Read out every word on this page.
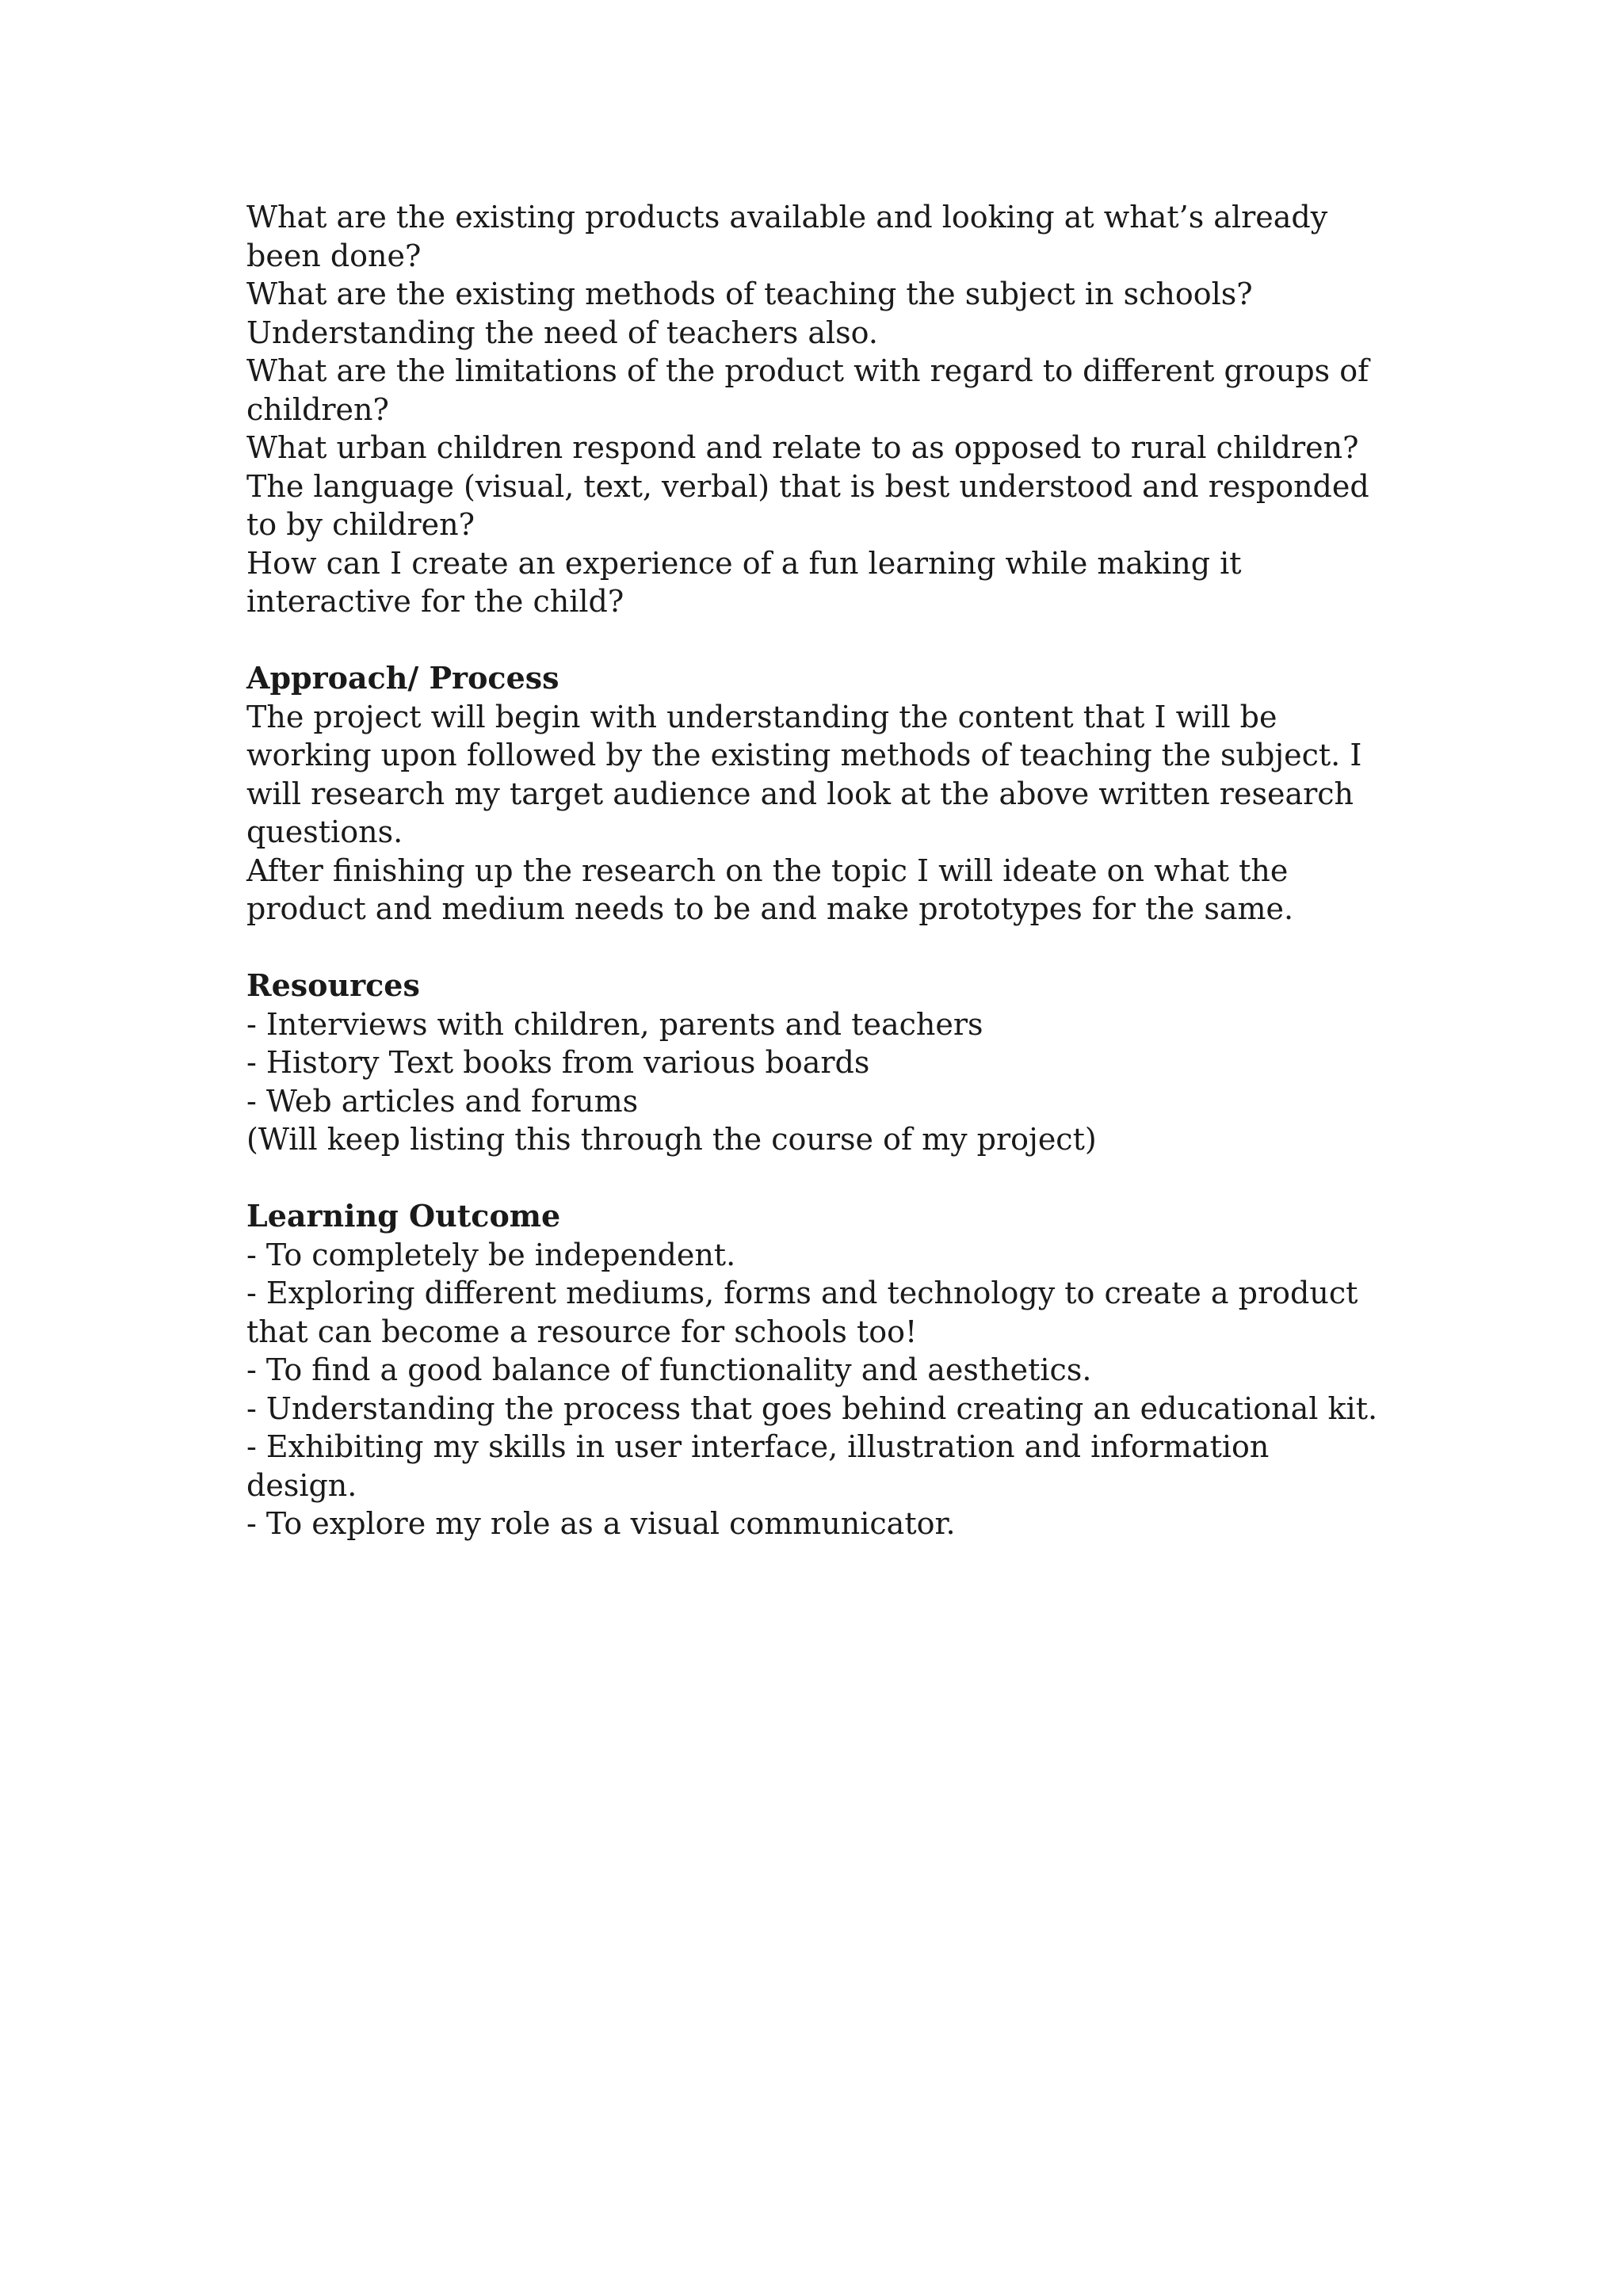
What are the existing products available and looking at what’s already been done?

What are the existing methods of teaching the subject in schools? Understanding the need of teachers also.

What are the limitations of the product with regard to different groups of children?

What urban children respond and relate to as opposed to rural children?

The language (visual, text, verbal) that is best understood and responded to by children?

How can I create an experience of a fun learning while making it interactive for the child?

Approach/ Process

The project will begin with understanding the content that I will be working upon followed by the existing methods of teaching the subject. I will research my target audience and look at the above written research questions.

After finishing up the research on the topic I will ideate on what the product and medium needs to be and make prototypes for the same.

Resources

- Interviews with children, parents and teachers

- History Text books from various boards

- Web articles and forums

(Will keep listing this through the course of my project)

Learning Outcome

- To completely be independent.

- Exploring different mediums, forms and technology to create a product that can become a resource for schools too!

- To find a good balance of functionality and aesthetics.

- Understanding the process that goes behind creating an educational kit.

- Exhibiting my skills in user interface, illustration and information design.

- To explore my role as a visual communicator.
